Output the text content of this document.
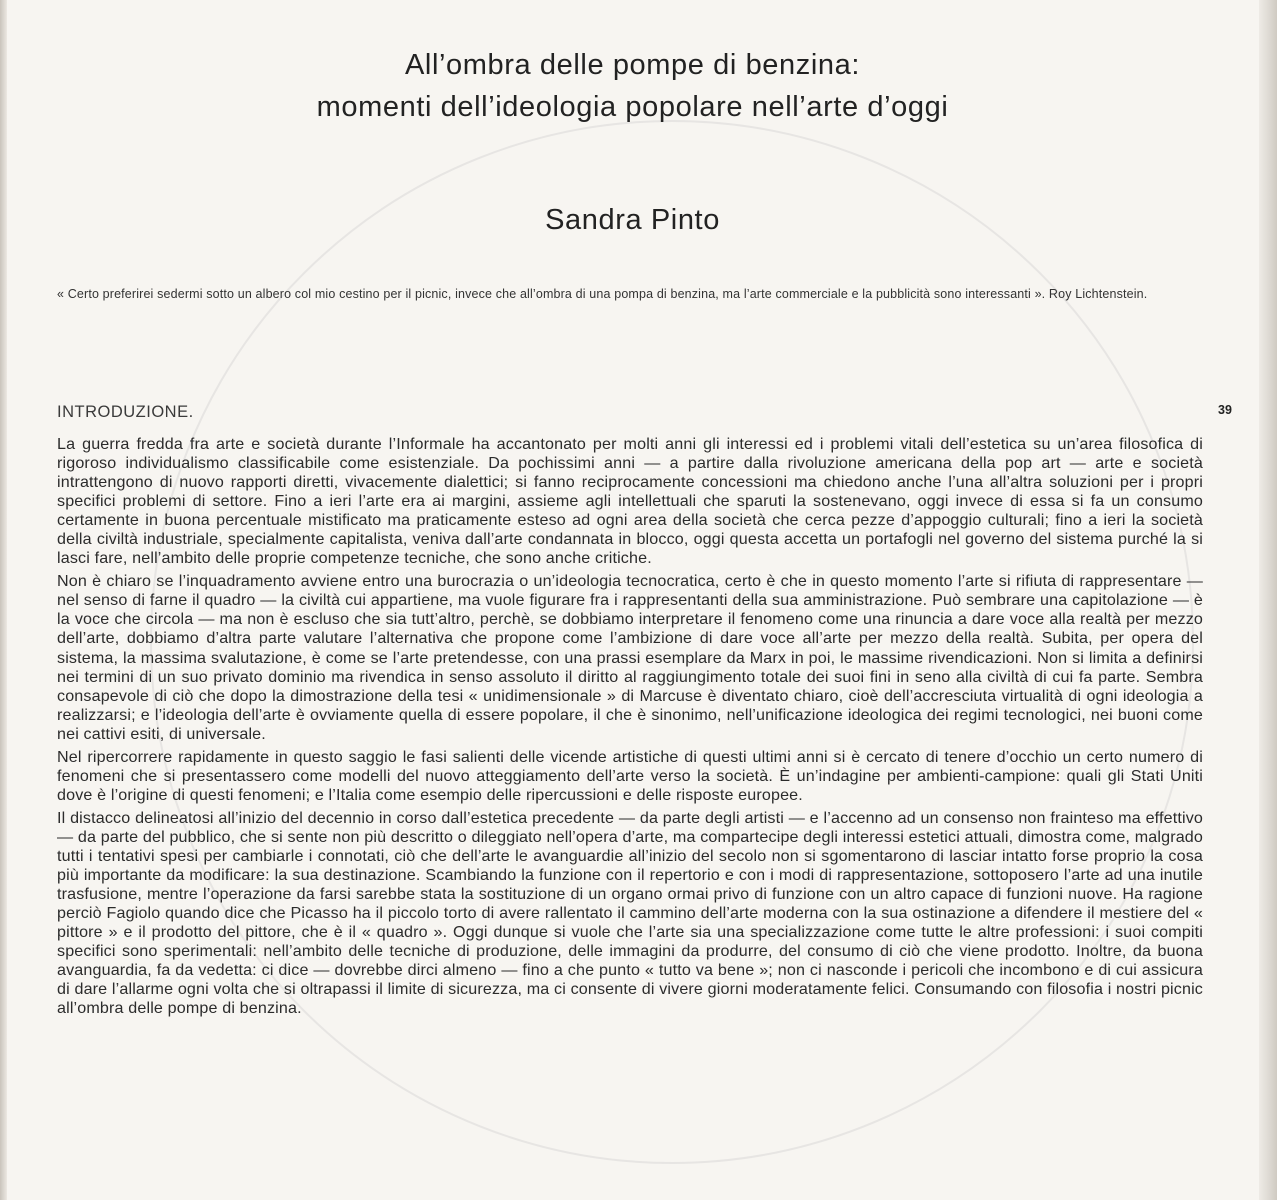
All’ombra delle pompe di benzina:
momenti dell’ideologia popolare nell’arte d’oggi
Sandra Pinto

« Certo preferirei sedermi sotto un albero col mio cestino per il picnic, invece che all’ombra di una pompa di benzina, ma l’arte commerciale e la pubblicità sono interessanti ». Roy Lichtenstein.

INTRODUZIONE.	39

La guerra fredda fra arte e società durante l’Informale ha accantonato per molti anni gli interessi ed i problemi vitali dell’estetica su un’area filosofica di rigoroso individualismo classificabile come esistenziale. Da pochissimi anni — a partire dalla rivoluzione americana della pop art — arte e società intrattengono di nuovo rapporti diretti, vivacemente dialettici; si fanno reciprocamente concessioni ma chiedono anche l’una all’altra soluzioni per i propri specifici problemi di settore. Fino a ieri l’arte era ai margini, assieme agli intellettuali che sparuti la sostenevano, oggi invece di essa si fa un consumo certamente in buona percentuale mistificato ma praticamente esteso ad ogni area della società che cerca pezze d’appoggio culturali; fino a ieri la società della civiltà industriale, specialmente capitalista, veniva dall’arte condannata in blocco, oggi questa accetta un portafogli nel governo del sistema purché la si lasci fare, nell’ambito delle proprie competenze tecniche, che sono anche critiche.

Non è chiaro se l’inquadramento avviene entro una burocrazia o un’ideologia tecnocratica, certo è che in questo momento l’arte si rifiuta di rappresentare — nel senso di farne il quadro — la civiltà cui appartiene, ma vuole figurare fra i rappresentanti della sua amministrazione. Può sembrare una capitolazione — è la voce che circola — ma non è escluso che sia tutt’altro, perchè, se dobbiamo interpretare il fenomeno come una rinuncia a dare voce alla realtà per mezzo dell’arte, dobbiamo d’altra parte valutare l’alternativa che propone come l’ambizione di dare voce all’arte per mezzo della realtà. Subita, per opera del sistema, la massima svalutazione, è come se l’arte pretendesse, con una prassi esemplare da Marx in poi, le massime rivendicazioni. Non si limita a definirsi nei termini di un suo privato dominio ma rivendica in senso assoluto il diritto al raggiungimento totale dei suoi fini in seno alla civiltà di cui fa parte. Sembra consapevole di ciò che dopo la dimostrazione della tesi « unidimensionale » di Marcuse è diventato chiaro, cioè dell’accresciuta virtualità di ogni ideologia a realizzarsi; e l’ideologia dell’arte è ovviamente quella di essere popolare, il che è sinonimo, nell’unificazione ideologica dei regimi tecnologici, nei buoni come nei cattivi esiti, di universale.

Nel ripercorrere rapidamente in questo saggio le fasi salienti delle vicende artistiche di questi ultimi anni si è cercato di tenere d’occhio un certo numero di fenomeni che si presentassero come modelli del nuovo atteggiamento dell’arte verso la società. È un’indagine per ambienti-campione: quali gli Stati Uniti dove è l’origine di questi fenomeni; e l’Italia come esempio delle ripercussioni e delle risposte europee.

Il distacco delineatosi all’inizio del decennio in corso dall’estetica precedente — da parte degli artisti — e l’accenno ad un consenso non frainteso ma effettivo — da parte del pubblico, che si sente non più descritto o dileggiato nell’opera d’arte, ma compartecipe degli interessi estetici attuali, dimostra come, malgrado tutti i tentativi spesi per cambiarle i connotati, ciò che dell’arte le avanguardie all’inizio del secolo non si sgomentarono di lasciar intatto forse proprio la cosa più importante da modificare: la sua destinazione. Scambiando la funzione con il repertorio e con i modi di rappresentazione, sottoposero l’arte ad una inutile trasfusione, mentre l’operazione da farsi sarebbe stata la sostituzione di un organo ormai privo di funzione con un altro capace di funzioni nuove. Ha ragione perciò Fagiolo quando dice che Picasso ha il piccolo torto di avere rallentato il cammino dell’arte moderna con la sua ostinazione a difendere il mestiere del « pittore » e il prodotto del pittore, che è il « quadro ». Oggi dunque si vuole che l’arte sia una specializzazione come tutte le altre professioni: i suoi compiti specifici sono sperimentali: nell’ambito delle tecniche di produzione, delle immagini da produrre, del consumo di ciò che viene prodotto. Inoltre, da buona avanguardia, fa da vedetta: ci dice — dovrebbe dirci almeno — fino a che punto « tutto va bene »; non ci nasconde i pericoli che incombono e di cui assicura di dare l’allarme ogni volta che si oltrapassi il limite di sicurezza, ma ci consente di vivere giorni moderatamente felici. Consumando con filosofia i nostri picnic all’ombra delle pompe di benzina.
